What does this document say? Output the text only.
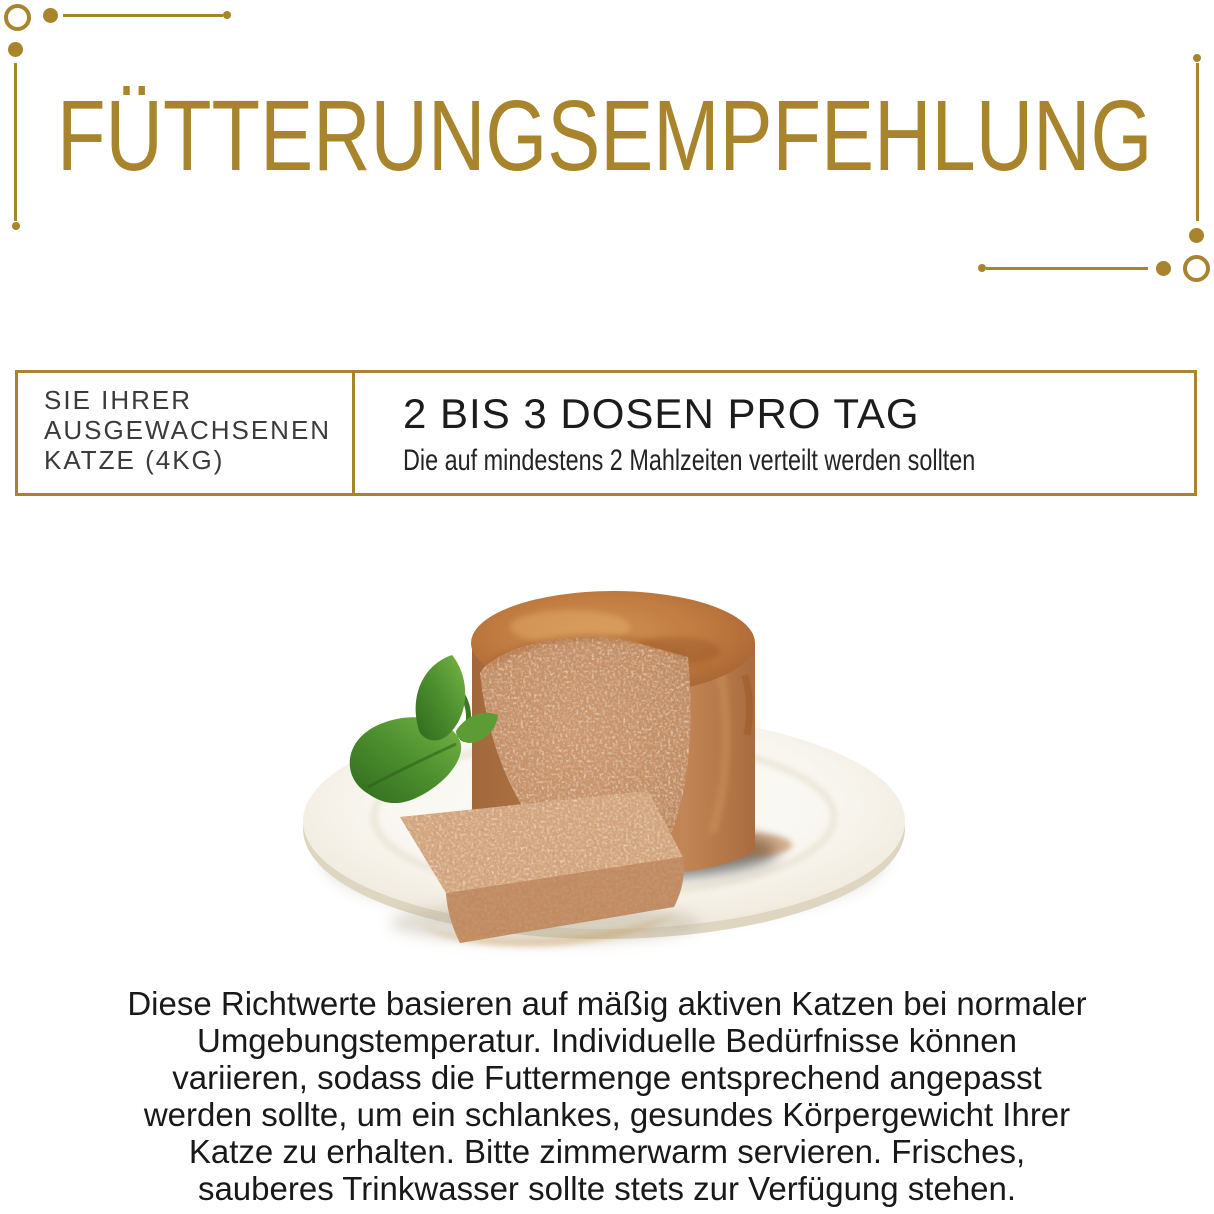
FÜTTERUNGSEMPFEHLUNG
SIE IHRER
AUSGEWACHSENEN
KATZE (4KG)
2 BIS 3 DOSEN PRO TAG
Die auf mindestens 2 Mahlzeiten verteilt werden sollten
Diese Richtwerte basieren auf mäßig aktiven Katzen bei normaler
Umgebungstemperatur. Individuelle Bedürfnisse können
variieren, sodass die Futtermenge entsprechend angepasst
werden sollte, um ein schlankes, gesundes Körpergewicht Ihrer
Katze zu erhalten. Bitte zimmerwarm servieren. Frisches,
sauberes Trinkwasser sollte stets zur Verfügung stehen.
